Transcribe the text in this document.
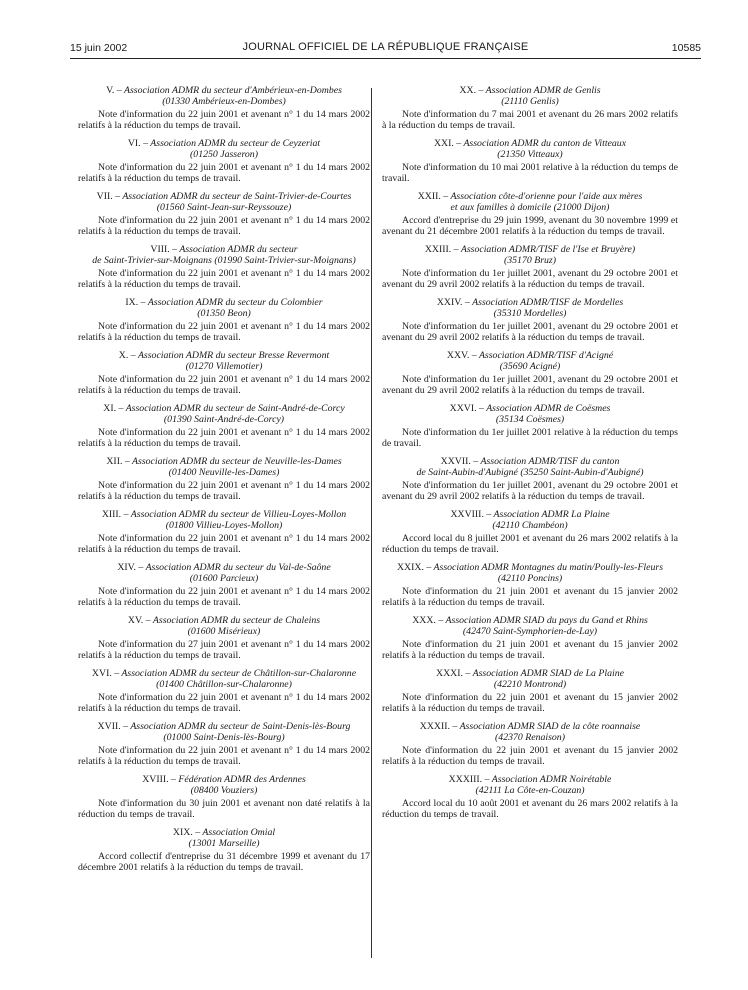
15 juin 2002	JOURNAL OFFICIEL DE LA RÉPUBLIQUE FRANÇAISE	10585

V. – Association ADMR du secteur d'Ambérieux-en-Dombes
(01330 Ambérieux-en-Dombes)

Note d'information du 22 juin 2001 et avenant n° 1 du 14 mars 2002 relatifs à la réduction du temps de travail.

VI. – Association ADMR du secteur de Ceyzeriat
(01250 Jasseron)

Note d'information du 22 juin 2001 et avenant n° 1 du 14 mars 2002 relatifs à la réduction du temps de travail.

VII. – Association ADMR du secteur de Saint-Trivier-de-Courtes
(01560 Saint-Jean-sur-Reyssouze)

Note d'information du 22 juin 2001 et avenant n° 1 du 14 mars 2002 relatifs à la réduction du temps de travail.

VIII. – Association ADMR du secteur
de Saint-Trivier-sur-Moignans (01990 Saint-Trivier-sur-Moignans)

Note d'information du 22 juin 2001 et avenant n° 1 du 14 mars 2002 relatifs à la réduction du temps de travail.

IX. – Association ADMR du secteur du Colombier
(01350 Beon)

Note d'information du 22 juin 2001 et avenant n° 1 du 14 mars 2002 relatifs à la réduction du temps de travail.

X. – Association ADMR du secteur Bresse Revermont
(01270 Villemotier)

Note d'information du 22 juin 2001 et avenant n° 1 du 14 mars 2002 relatifs à la réduction du temps de travail.

XI. – Association ADMR du secteur de Saint-André-de-Corcy
(01390 Saint-André-de-Corcy)

Note d'information du 22 juin 2001 et avenant n° 1 du 14 mars 2002 relatifs à la réduction du temps de travail.

XII. – Association ADMR du secteur de Neuville-les-Dames
(01400 Neuville-les-Dames)

Note d'information du 22 juin 2001 et avenant n° 1 du 14 mars 2002 relatifs à la réduction du temps de travail.

XIII. – Association ADMR du secteur de Villieu-Loyes-Mollon
(01800 Villieu-Loyes-Mollon)

Note d'information du 22 juin 2001 et avenant n° 1 du 14 mars 2002 relatifs à la réduction du temps de travail.

XIV. – Association ADMR du secteur du Val-de-Saône
(01600 Parcieux)

Note d'information du 22 juin 2001 et avenant n° 1 du 14 mars 2002 relatifs à la réduction du temps de travail.

XV. – Association ADMR du secteur de Chaleins
(01600 Misérieux)

Note d'information du 27 juin 2001 et avenant n° 1 du 14 mars 2002 relatifs à la réduction du temps de travail.

XVI. – Association ADMR du secteur de Châtillon-sur-Chalaronne
(01400 Châtillon-sur-Chalaronne)

Note d'information du 22 juin 2001 et avenant n° 1 du 14 mars 2002 relatifs à la réduction du temps de travail.

XVII. – Association ADMR du secteur de Saint-Denis-lès-Bourg
(01000 Saint-Denis-lès-Bourg)

Note d'information du 22 juin 2001 et avenant n° 1 du 14 mars 2002 relatifs à la réduction du temps de travail.

XVIII. – Fédération ADMR des Ardennes
(08400 Vouziers)

Note d'information du 30 juin 2001 et avenant non daté relatifs à la réduction du temps de travail.

XIX. – Association Omial
(13001 Marseille)

Accord collectif d'entreprise du 31 décembre 1999 et avenant du 17 décembre 2001 relatifs à la réduction du temps de travail.

XX. – Association ADMR de Genlis
(21110 Genlis)

Note d'information du 7 mai 2001 et avenant du 26 mars 2002 relatifs à la réduction du temps de travail.

XXI. – Association ADMR du canton de Vitteaux
(21350 Vitteaux)

Note d'information du 10 mai 2001 relative à la réduction du temps de travail.

XXII. – Association côte-d'orienne pour l'aide aux mères
et aux familles à domicile (21000 Dijon)

Accord d'entreprise du 29 juin 1999, avenant du 30 novembre 1999 et avenant du 21 décembre 2001 relatifs à la réduction du temps de travail.

XXIII. – Association ADMR/TISF de l'Ise et Bruyère)
(35170 Bruz)

Note d'information du 1er juillet 2001, avenant du 29 octobre 2001 et avenant du 29 avril 2002 relatifs à la réduction du temps de travail.

XXIV. – Association ADMR/TISF de Mordelles
(35310 Mordelles)

Note d'information du 1er juillet 2001, avenant du 29 octobre 2001 et avenant du 29 avril 2002 relatifs à la réduction du temps de travail.

XXV. – Association ADMR/TISF d'Acigné
(35690 Acigné)

Note d'information du 1er juillet 2001, avenant du 29 octobre 2001 et avenant du 29 avril 2002 relatifs à la réduction du temps de travail.

XXVI. – Association ADMR de Coësmes
(35134 Coësmes)

Note d'information du 1er juillet 2001 relative à la réduction du temps de travail.

XXVII. – Association ADMR/TISF du canton
de Saint-Aubin-d'Aubigné (35250 Saint-Aubin-d'Aubigné)

Note d'information du 1er juillet 2001, avenant du 29 octobre 2001 et avenant du 29 avril 2002 relatifs à la réduction du temps de travail.

XXVIII. – Association ADMR La Plaine
(42110 Chambéon)

Accord local du 8 juillet 2001 et avenant du 26 mars 2002 relatifs à la réduction du temps de travail.

XXIX. – Association ADMR Montagnes du matin/Poully-les-Fleurs
(42110 Poncins)

Note d'information du 21 juin 2001 et avenant du 15 janvier 2002 relatifs à la réduction du temps de travail.

XXX. – Association ADMR SIAD du pays du Gand et Rhins
(42470 Saint-Symphorien-de-Lay)

Note d'information du 21 juin 2001 et avenant du 15 janvier 2002 relatifs à la réduction du temps de travail.

XXXI. – Association ADMR SIAD de La Plaine
(42210 Montrond)

Note d'information du 22 juin 2001 et avenant du 15 janvier 2002 relatifs à la réduction du temps de travail.

XXXII. – Association ADMR SIAD de la côte roannaise
(42370 Renaison)

Note d'information du 22 juin 2001 et avenant du 15 janvier 2002 relatifs à la réduction du temps de travail.

XXXIII. – Association ADMR Noirétable
(42111 La Côte-en-Couzan)

Accord local du 10 août 2001 et avenant du 26 mars 2002 relatifs à la réduction du temps de travail.
